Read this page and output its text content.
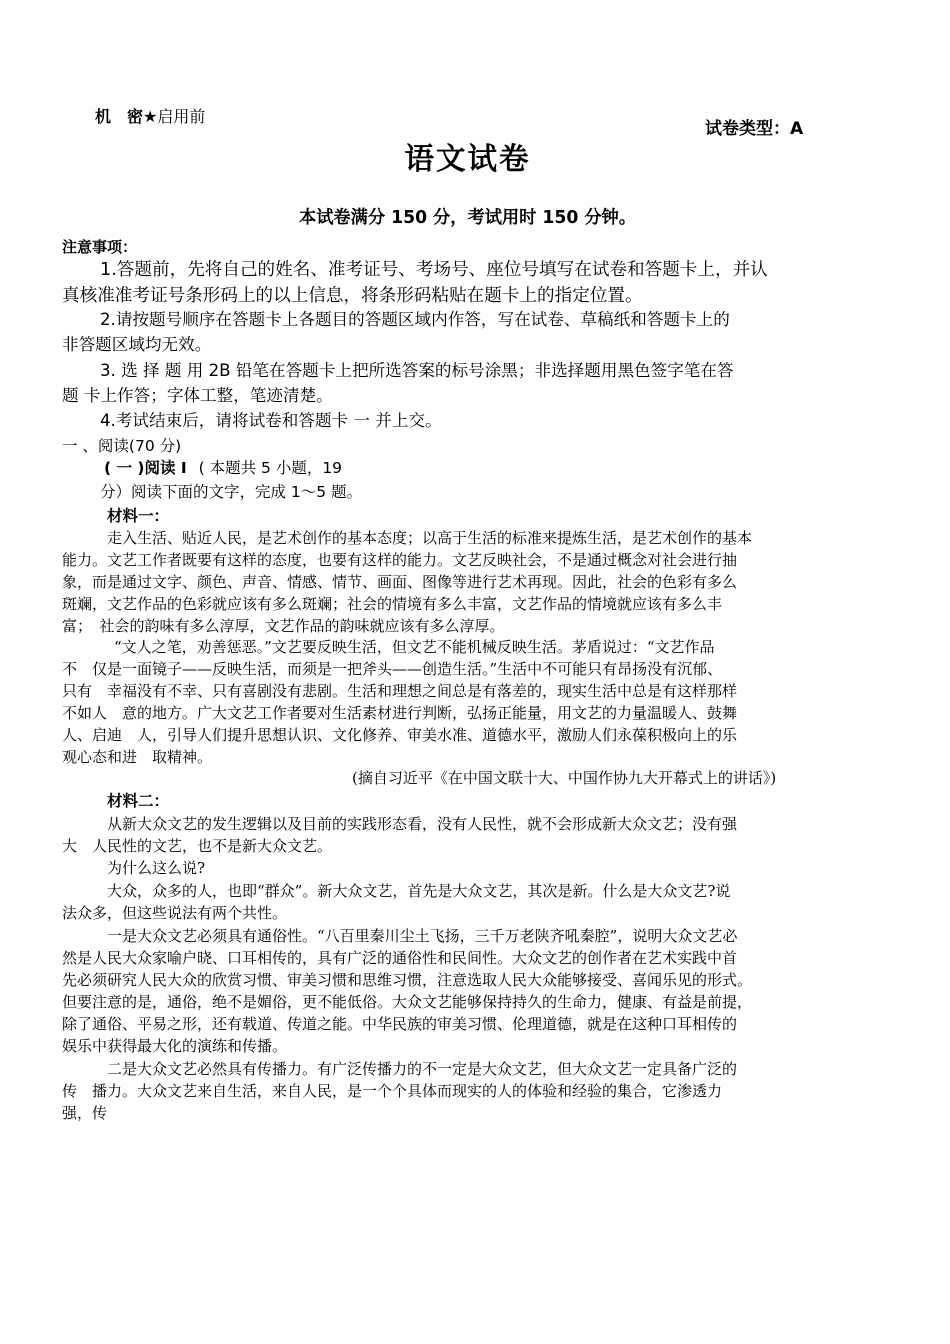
机　密★启用前
试卷类型：A
语文试卷
本试卷满分 150 分，考试用时 150 分钟。
注意事项：
1.答题前，先将自己的姓名、准考证号、考场号、座位号填写在试卷和答题卡上，并认
真核准准考证号条形码上的以上信息，将条形码粘贴在题卡上的指定位置。
2.请按题号顺序在答题卡上各题目的答题区域内作答，写在试卷、草稿纸和答题卡上的
非答题区域均无效。
3. 选 择 题 用 2B 铅笔在答题卡上把所选答案的标号涂黑；非选择题用黑色签字笔在答
题 卡上作答；字体工整，笔迹清楚。
4.考试结束后，请将试卷和答题卡 一 并上交。
一 、阅读(70 分)
( 一 )阅读 I ( 本题共 5 小题，19
分）阅读下面的文字，完成 1～5 题。
材料一：
走入生活、贴近人民，是艺术创作的基本态度；以高于生活的标准来提炼生活，是艺术创作的基本
能力。文艺工作者既要有这样的态度，也要有这样的能力。文艺反映社会，不是通过概念对社会进行抽
象，而是通过文字、颜色、声音、情感、情节、画面、图像等进行艺术再现。因此，社会的色彩有多么
斑斓，文艺作品的色彩就应该有多么斑斓；社会的情境有多么丰富，文艺作品的情境就应该有多么丰
富；　社会的韵味有多么淳厚，文艺作品的韵味就应该有多么淳厚。
“文人之笔，劝善惩恶。”文艺要反映生活，但文艺不能机械反映生活。茅盾说过：“文艺作品
不　仅是一面镜子——反映生活，而须是一把斧头——创造生活。”生活中不可能只有昂扬没有沉郁、
只有　幸福没有不幸、只有喜剧没有悲剧。生活和理想之间总是有落差的，现实生活中总是有这样那样
不如人　意的地方。广大文艺工作者要对生活素材进行判断，弘扬正能量，用文艺的力量温暖人、鼓舞
人、启迪　人，引导人们提升思想认识、文化修养、审美水准、道德水平，激励人们永葆积极向上的乐
观心态和进　取精神。
(摘自习近平《在中国文联十大、中国作协九大开幕式上的讲话》)
材料二：
从新大众文艺的发生逻辑以及目前的实践形态看，没有人民性，就不会形成新大众文艺；没有强
大　人民性的文艺，也不是新大众文艺。
为什么这么说?
大众，众多的人，也即“群众”。新大众文艺，首先是大众文艺，其次是新。什么是大众文艺?说
法众多，但这些说法有两个共性。
一是大众文艺必须具有通俗性。“八百里秦川尘土飞扬，三千万老陕齐吼秦腔”，说明大众文艺必
然是人民大众家喻户晓、口耳相传的，具有广泛的通俗性和民间性。大众文艺的创作者在艺术实践中首
先必须研究人民大众的欣赏习惯、审美习惯和思维习惯，注意选取人民大众能够接受、喜闻乐见的形式。
但要注意的是，通俗，绝不是媚俗，更不能低俗。大众文艺能够保持持久的生命力，健康、有益是前提，
除了通俗、平易之形，还有载道、传道之能。中华民族的审美习惯、伦理道德，就是在这种口耳相传的
娱乐中获得最大化的演练和传播。
二是大众文艺必然具有传播力。有广泛传播力的不一定是大众文艺，但大众文艺一定具备广泛的
传　播力。大众文艺来自生活，来自人民，是一个个具体而现实的人的体验和经验的集合，它渗透力
强，传
